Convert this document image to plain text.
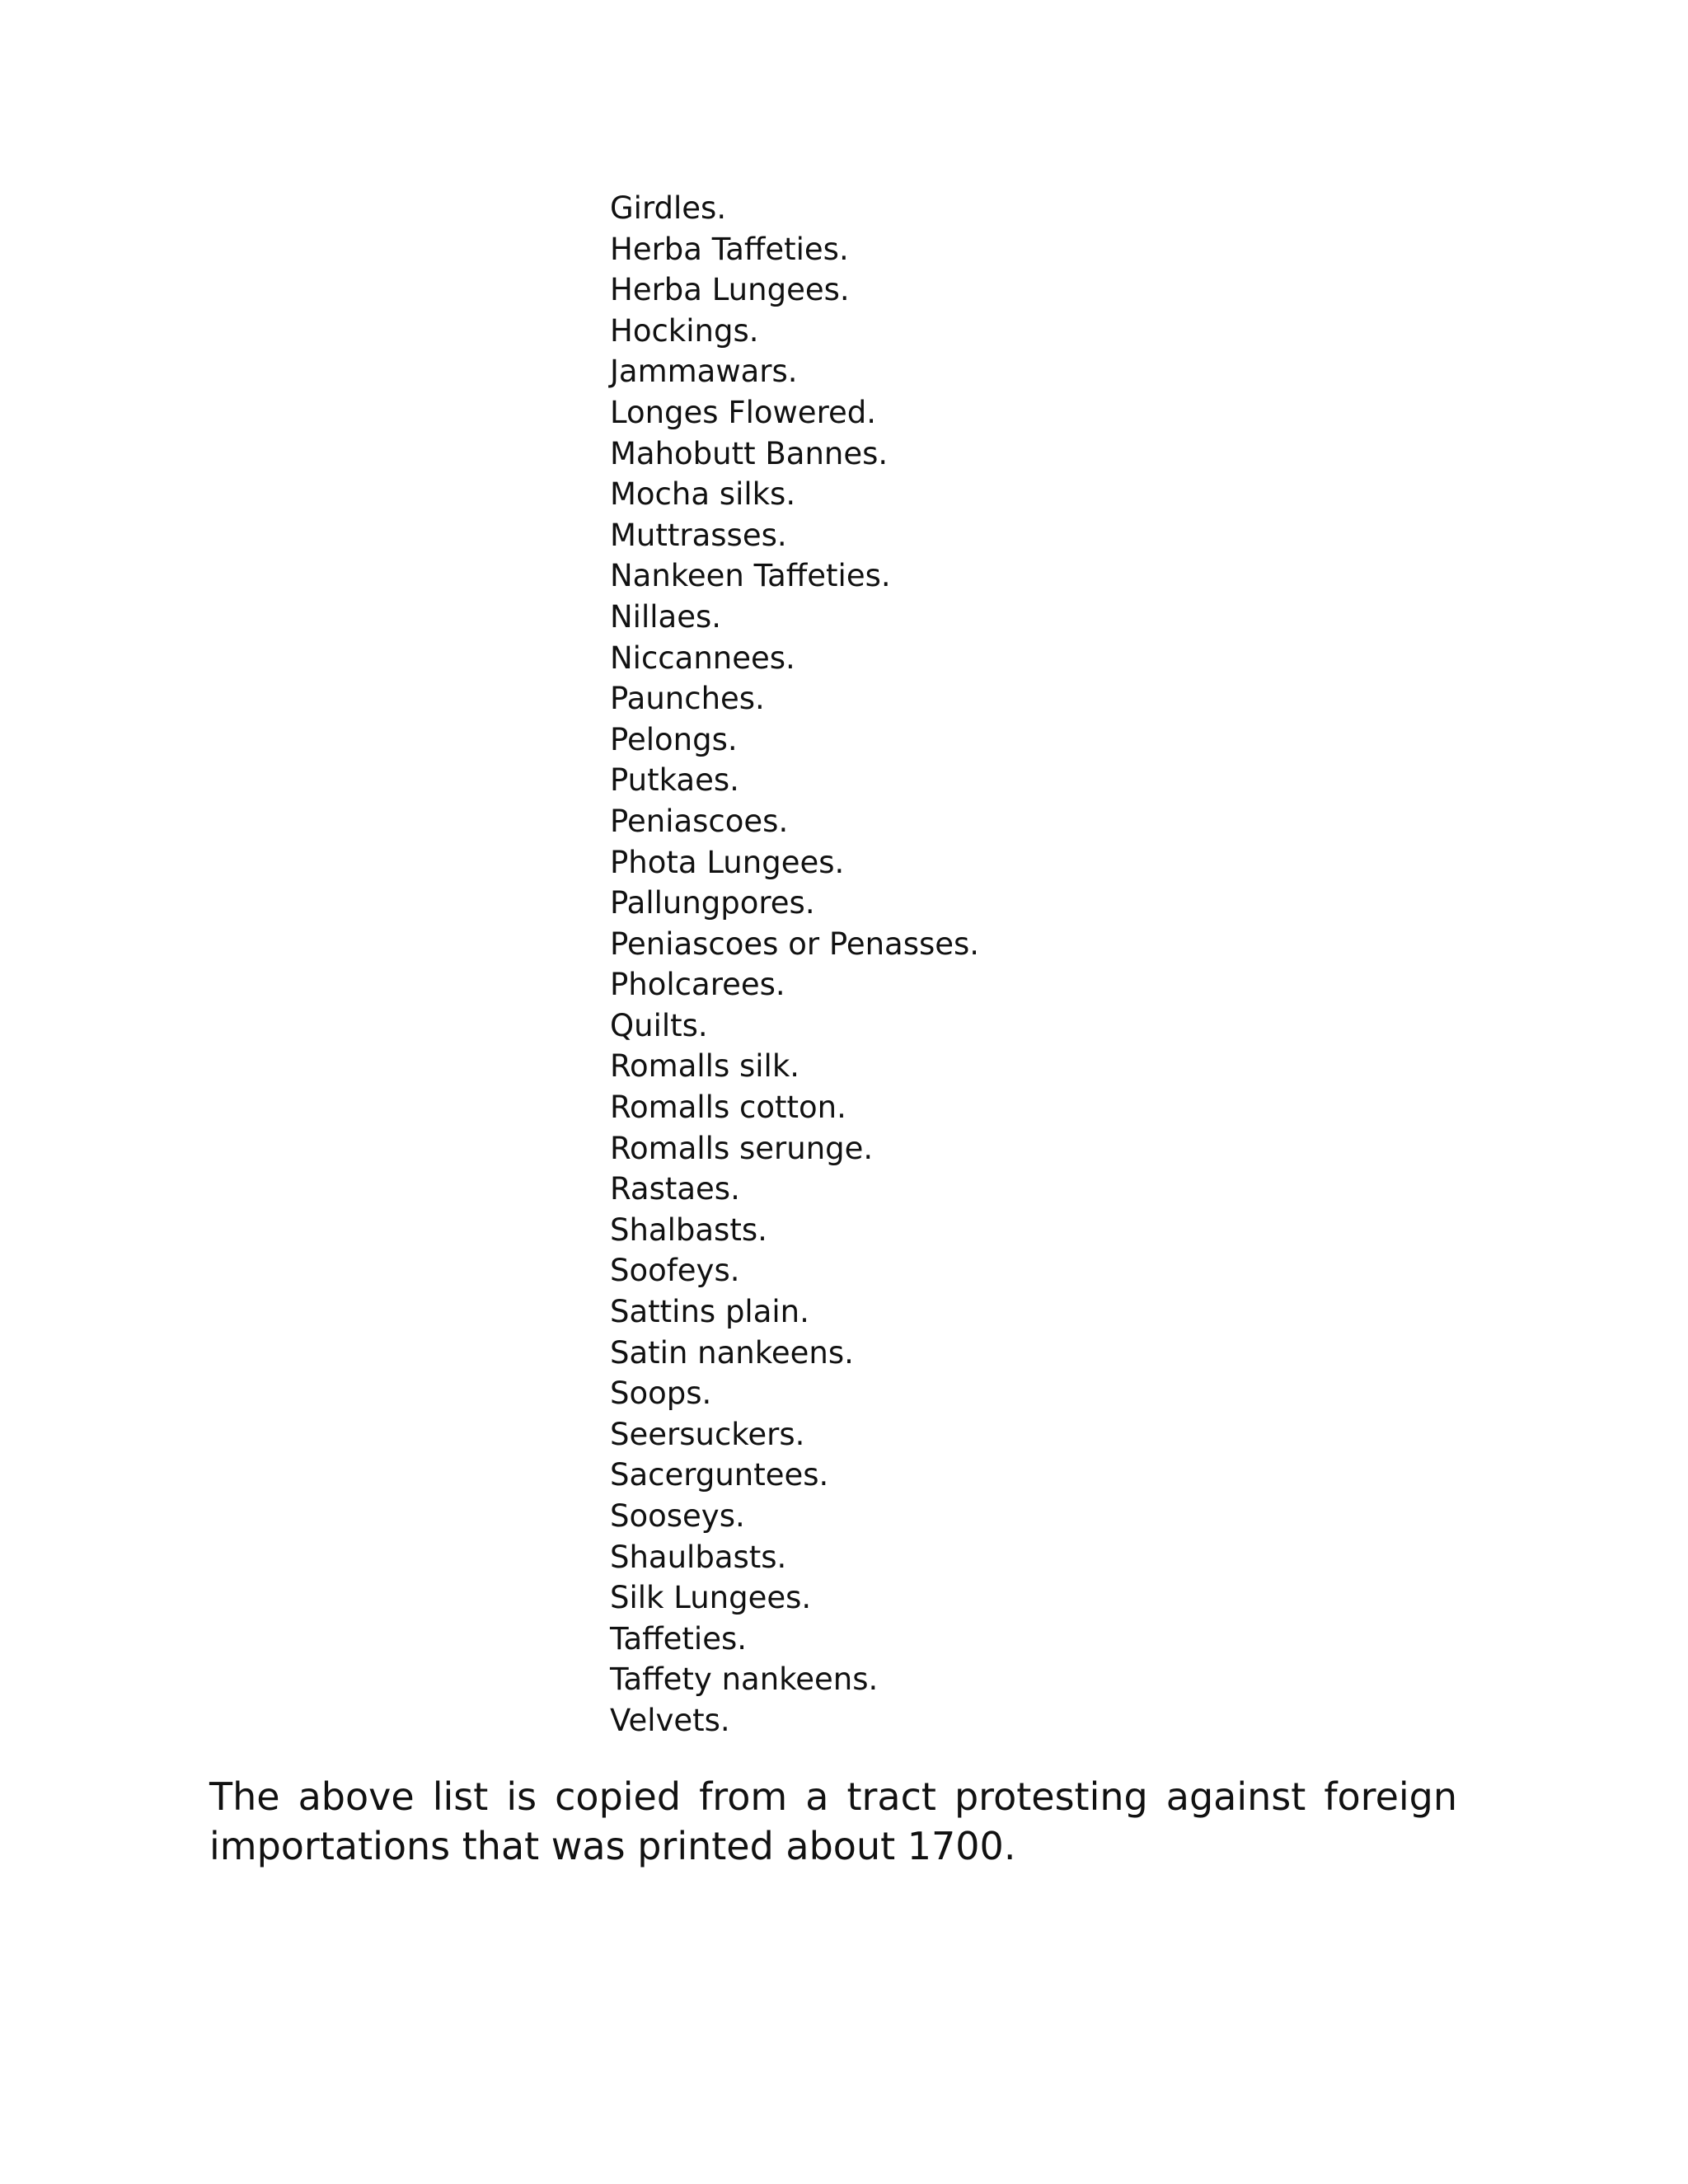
Girdles.
Herba Taffeties.
Herba Lungees.
Hockings.
Jammawars.
Longes Flowered.
Mahobutt Bannes.
Mocha silks.
Muttrasses.
Nankeen Taffeties.
Nillaes.
Niccannees.
Paunches.
Pelongs.
Putkaes.
Peniascoes.
Phota Lungees.
Pallungpores.
Peniascoes or Penasses.
Pholcarees.
Quilts.
Romalls silk.
Romalls cotton.
Romalls serunge.
Rastaes.
Shalbasts.
Soofeys.
Sattins plain.
Satin nankeens.
Soops.
Seersuckers.
Sacerguntees.
Sooseys.
Shaulbasts.
Silk Lungees.
Taffeties.
Taffety nankeens.
Velvets.

The above list is copied from a tract protesting against foreign importations that was printed about 1700.
